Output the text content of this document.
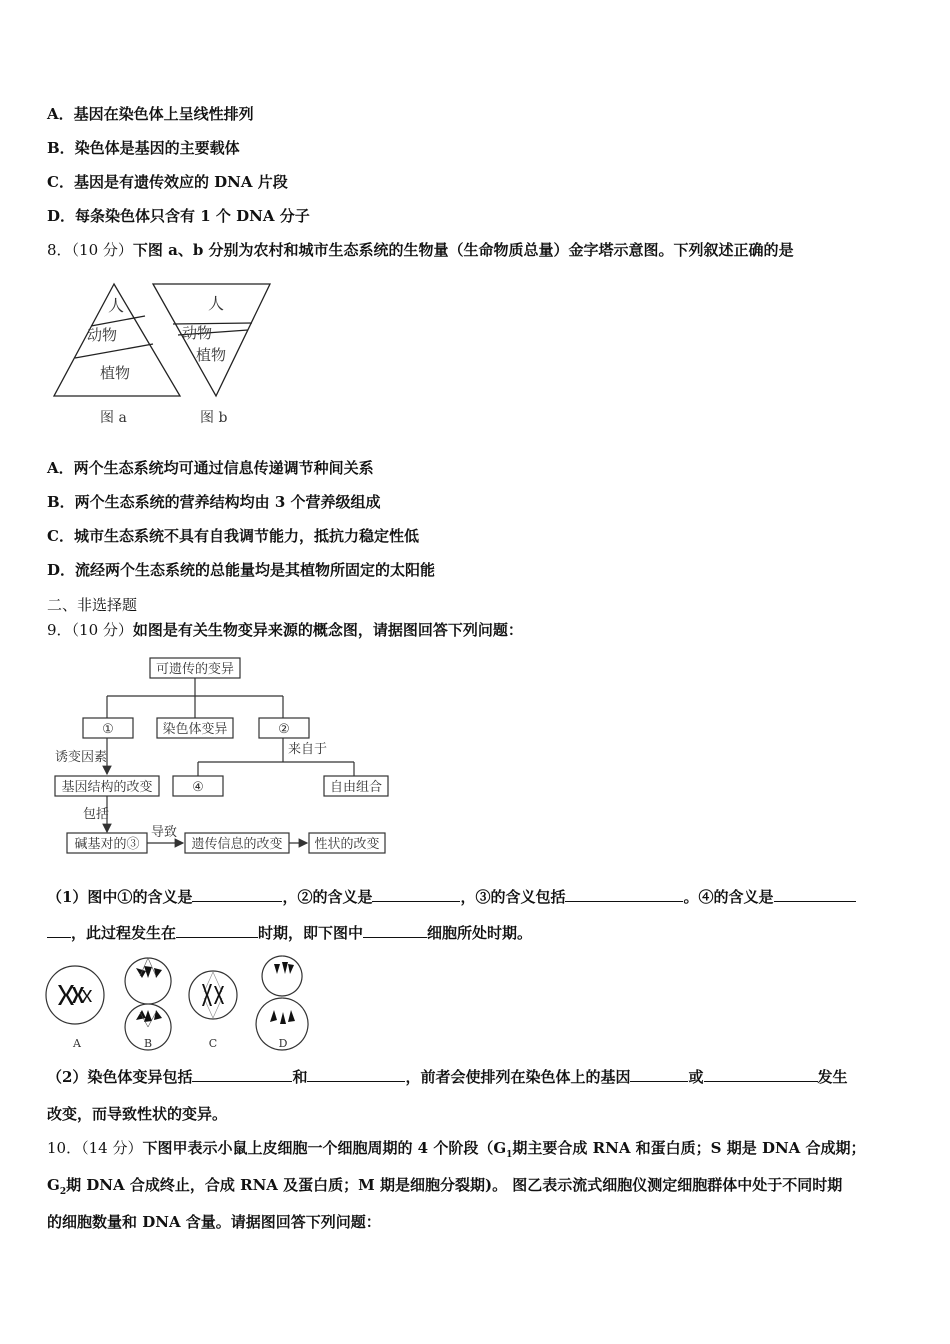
A．基因在染色体上呈线性排列
B．染色体是基因的主要载体
C．基因是有遗传效应的 DNA 片段
D．每条染色体只含有 1 个 DNA 分子
8．（10 分）下图 a、b 分别为农村和城市生态系统的生物量（生命物质总量）金字塔示意图。下列叙述正确的是
人
动物
植物
图 a
人
动物
植物
图 b
A．两个生态系统均可通过信息传递调节种间关系
B．两个生态系统的营养结构均由 3 个营养级组成
C．城市生态系统不具有自我调节能力，抵抗力稳定性低
D．流经两个生态系统的总能量均是其植物所固定的太阳能
二、非选择题
9．（10 分）如图是有关生物变异来源的概念图，请据图回答下列问题：
可遗传的变异
①	染色体变异	②
基因结构的改变	④	自由组合
碱基对的③	遗传信息的改变 性状的改变
诱变因素
来自于
包括
导致
（1）图中①的含义是	，②的含义是	，③的含义包括	。④的含义是
，此过程发生在	时期，即下图中	细胞所处时期。
A	B	C	D
（2）染色体变异包括	和	，前者会使排列在染色体上的基因	或	发生
改变，而导致性状的变异。
10．（14 分）下图甲表示小鼠上皮细胞一个细胞周期的 4 个阶段（$G_1$期主要合成 RNA 和蛋白质；S 期是 DNA 合成期；
$G_2$期 DNA 合成终止，合成 RNA 及蛋白质；M 期是细胞分裂期)。 图乙表示流式细胞仪测定细胞群体中处于不同时期
的细胞数量和 DNA 含量。请据图回答下列问题：
